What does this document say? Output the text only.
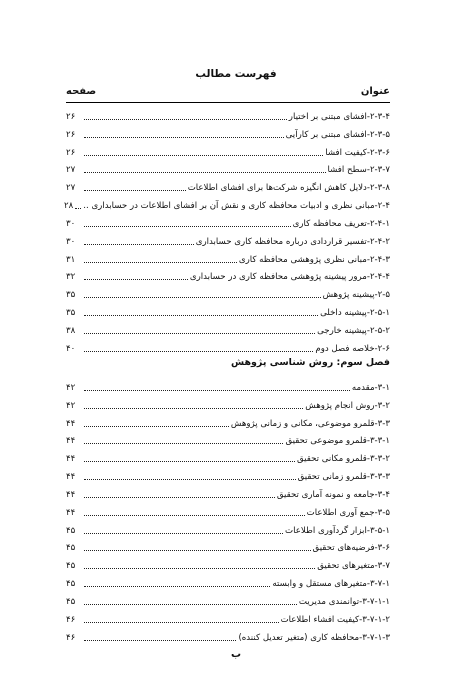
فهرست مطالب
عنوان
صفحه
۲-۳-۴-افشای مبتنی بر اختیار
۲۶
۲-۳-۵-افشای مبتنی بر کارآیی
۲۶
۲-۳-۶-کیفیت افشا
۲۶
۲-۳-۷-سطح افشا
۲۷
۲-۳-۸-دلایل کاهش انگیزه شرکت‌ها برای افشای اطلاعات
۲۷
۲-۴-مبانی نظری و ادبیات محافظه کاری و نقش آن بر افشای اطلاعات در حسابداری ..
۲۸
۲-۴-۱-تعریف محافظه کاری
۳۰
۲-۴-۲-تفسیر قراردادی درباره محافظه کاری حسابداری
۳۰
۲-۴-۳-مبانی نظری پژوهشی محافظه کاری
۳۱
۲-۴-۴-مرور پیشینه پژوهشی محافظه کاری در حسابداری
۳۲
۲-۵-پیشینه پژوهش
۳۵
۲-۵-۱-پیشینه داخلی
۳۵
۲-۵-۲-پیشینه خارجی
۳۸
۲-۶-خلاصه فصل دوم
۴۰
فصل سوم: روش شناسی پژوهش
۳-۱-مقدمه
۴۲
۳-۲-روش انجام پژوهش
۴۲
۳-۳-قلمرو موضوعی، مکانی و زمانی پژوهش
۴۴
۳-۳-۱-قلمرو موضوعی تحقیق
۴۴
۳-۳-۲-قلمرو مکانی تحقیق
۴۴
۳-۳-۳-قلمرو زمانی تحقیق
۴۴
۳-۴-جامعه و نمونه آماری تحقیق
۴۴
۳-۵-جمع آوری اطلاعات
۴۴
۳-۵-۱-ابزار گردآوری اطلاعات
۴۵
۳-۶-فرضیه‌های تحقیق
۴۵
۳-۷-متغیرهای تحقیق
۴۵
۳-۷-۱-متغیرهای مستقل و وابسته
۴۵
۳-۷-۱-۱-توانمندی مدیریت
۴۵
۳-۷-۱-۲-کیفیت افشاء اطلاعات
۴۶
۳-۷-۱-۳-محافظه کاری (متغیر تعدیل کننده)
۴۶
ب
